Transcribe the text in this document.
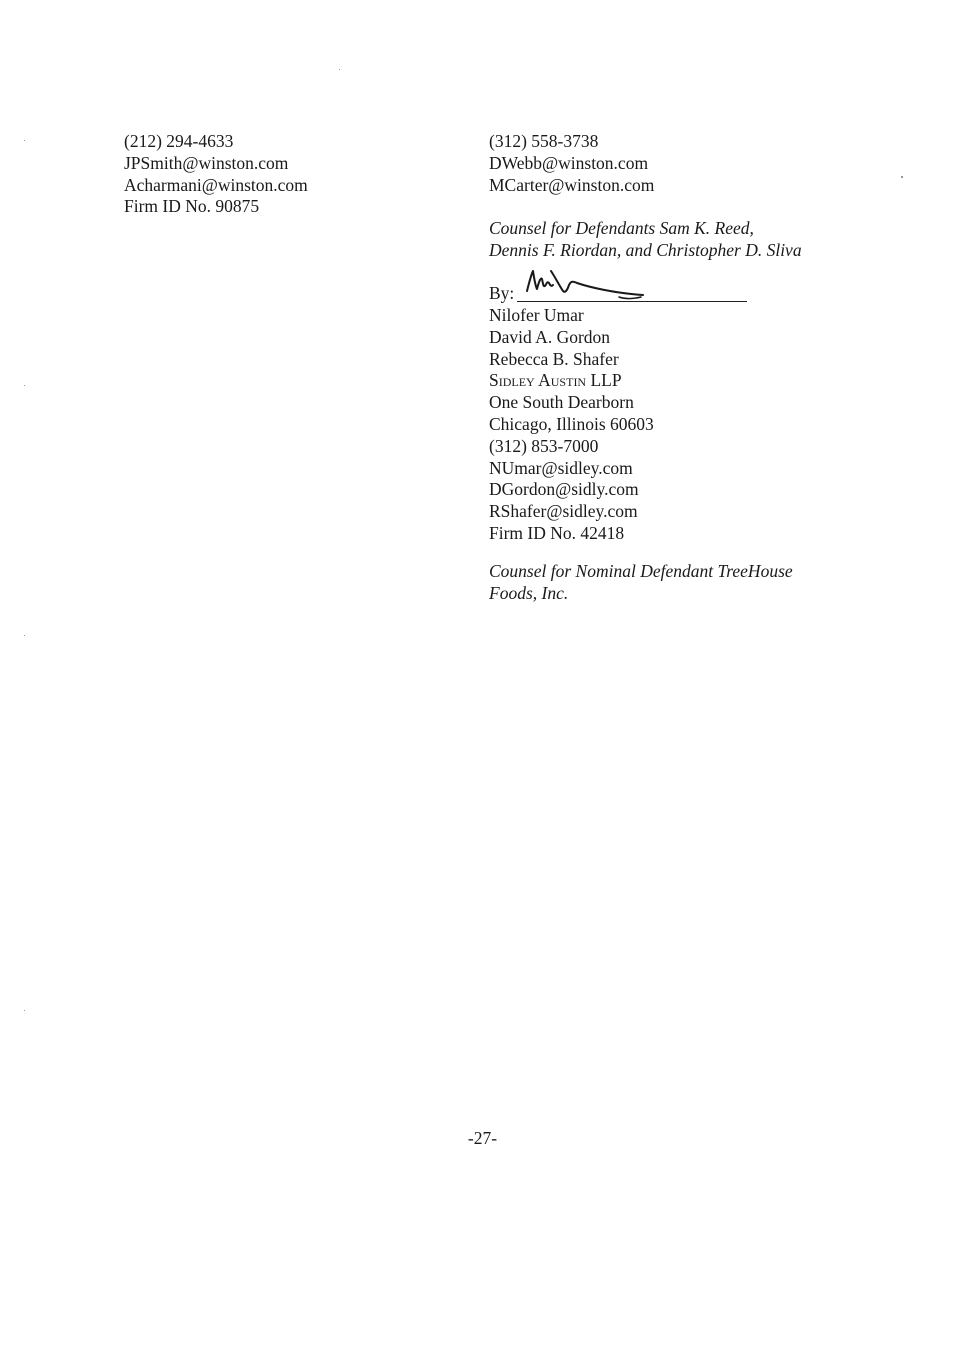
(212) 294-4633
JPSmith@winston.com
Acharmani@winston.com
Firm ID No. 90875
(312) 558-3738
DWebb@winston.com
MCarter@winston.com
Counsel for Defendants Sam K. Reed,
Dennis F. Riordan, and Christopher D. Sliva
By:
Nilofer Umar
David A. Gordon
Rebecca B. Shafer
Sidley Austin LLP
One South Dearborn
Chicago, Illinois 60603
(312) 853-7000
NUmar@sidley.com
DGordon@sidly.com
RShafer@sidley.com
Firm ID No. 42418
Counsel for Nominal Defendant TreeHouse
Foods, Inc.
-27-
